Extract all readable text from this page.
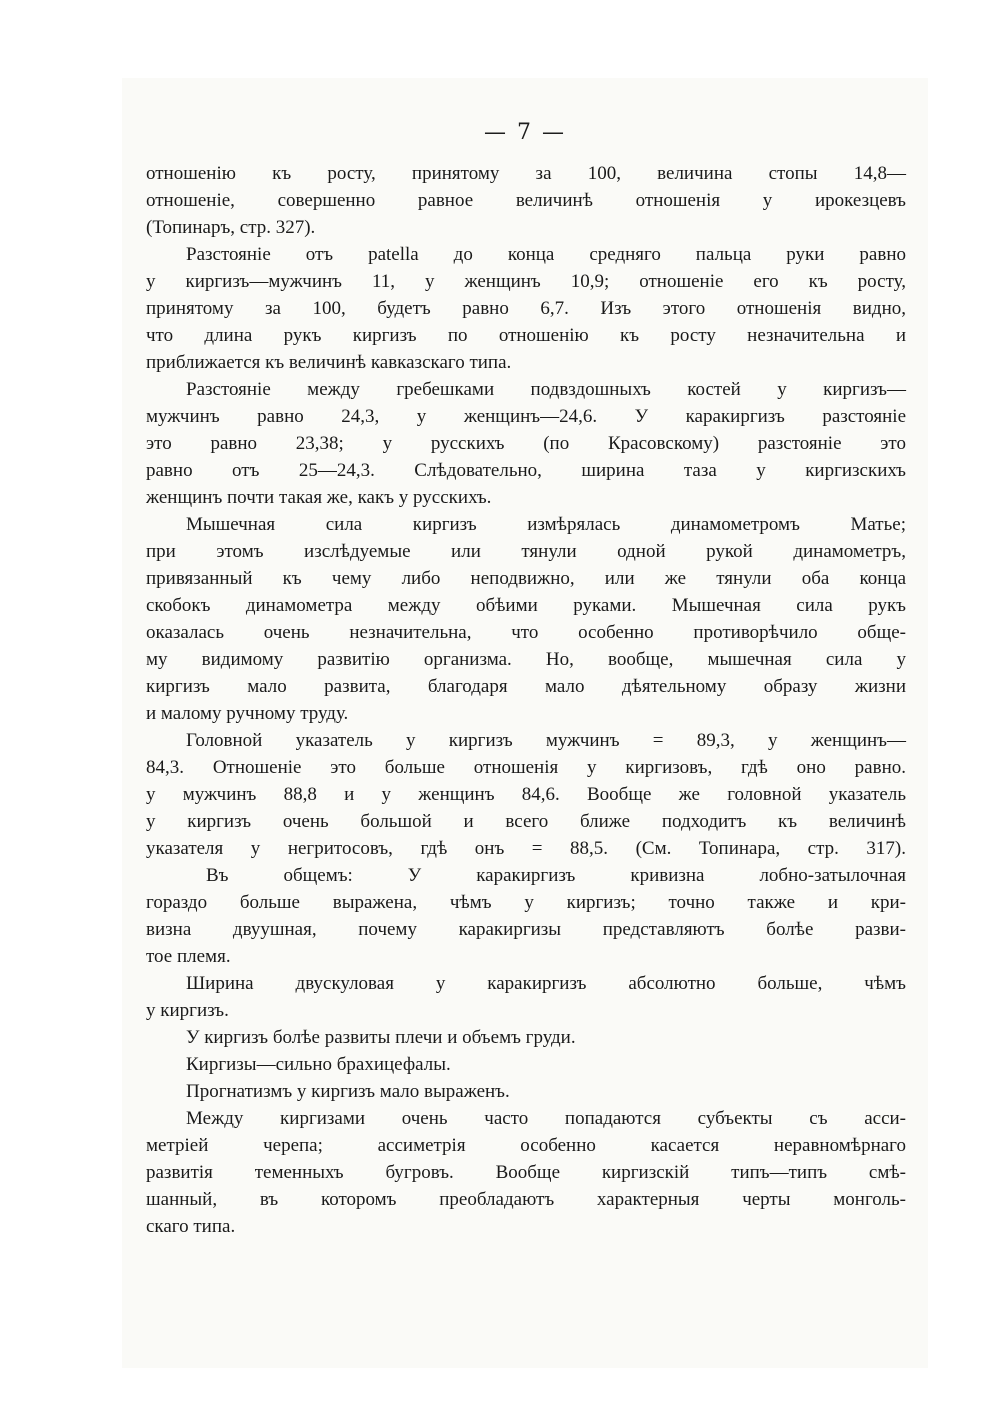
— 7 —
отношенію къ росту, принятому за 100, величина стопы 14,8—
отношеніе, совершенно равное величинѣ отношенія у ирокезцевъ
(Топинаръ, стр. 327).
Разстояніе отъ patella до конца средняго пальца руки равно
у киргизъ—мужчинъ 11, у женщинъ 10,9; отношеніе его къ росту,
принятому за 100, будетъ равно 6,7. Изъ этого отношенія видно,
что длина рукъ киргизъ по отношенію къ росту незначительна и
приближается къ величинѣ кавказскаго типа.
Разстояніе между гребешками подвздошныхъ костей у киргизъ—
мужчинъ равно 24,3, у женщинъ—24,6. У каракиргизъ разстояніе
это равно 23,38; у русскихъ (по Красовскому) разстояніе это
равно отъ 25—24,3. Слѣдовательно, ширина таза у киргизскихъ
женщинъ почти такая же, какъ у русскихъ.
Мышечная сила киргизъ измѣрялась динамометромъ Матье;
при этомъ изслѣдуемые или тянули одной рукой динамометръ,
привязанный къ чему либо неподвижно, или же тянули оба конца
скобокъ динамометра между обѣими руками. Мышечная сила рукъ
оказалась очень незначительна, что особенно противорѣчило обще-
му видимому развитію организма. Но, вообще, мышечная сила у
киргизъ мало развита, благодаря мало дѣятельному образу жизни
и малому ручному труду.
Головной указатель у киргизъ мужчинъ = 89,3, у женщинъ—
84,3. Отношеніе это больше отношенія у киргизовъ, гдѣ оно равно.
у мужчинъ 88,8 и у женщинъ 84,6. Вообще же головной указатель
у киргизъ очень большой и всего ближе подходитъ къ величинѣ
указателя у негритосовъ, гдѣ онъ = 88,5. (См. Топинара, стр. 317).
Въ общемъ: У каракиргизъ кривизна лобно-затылочная
гораздо больше выражена, чѣмъ у киргизъ; точно также и кри-
визна двуушная, почему каракиргизы представляютъ болѣе разви-
тое племя.
Ширина двускуловая у каракиргизъ абсолютно больше, чѣмъ
у киргизъ.
У киргизъ болѣе развиты плечи и объемъ груди.
Киргизы—сильно брахицефалы.
Прогнатизмъ у киргизъ мало выраженъ.
Между киргизами очень часто попадаются субъекты съ асси-
метріей черепа; ассиметрія особенно касается неравномѣрнаго
развитія теменныхъ бугровъ. Вообще киргизскій типъ—типъ смѣ-
шанный, въ которомъ преобладаютъ характерныя черты монголь-
скаго типа.
